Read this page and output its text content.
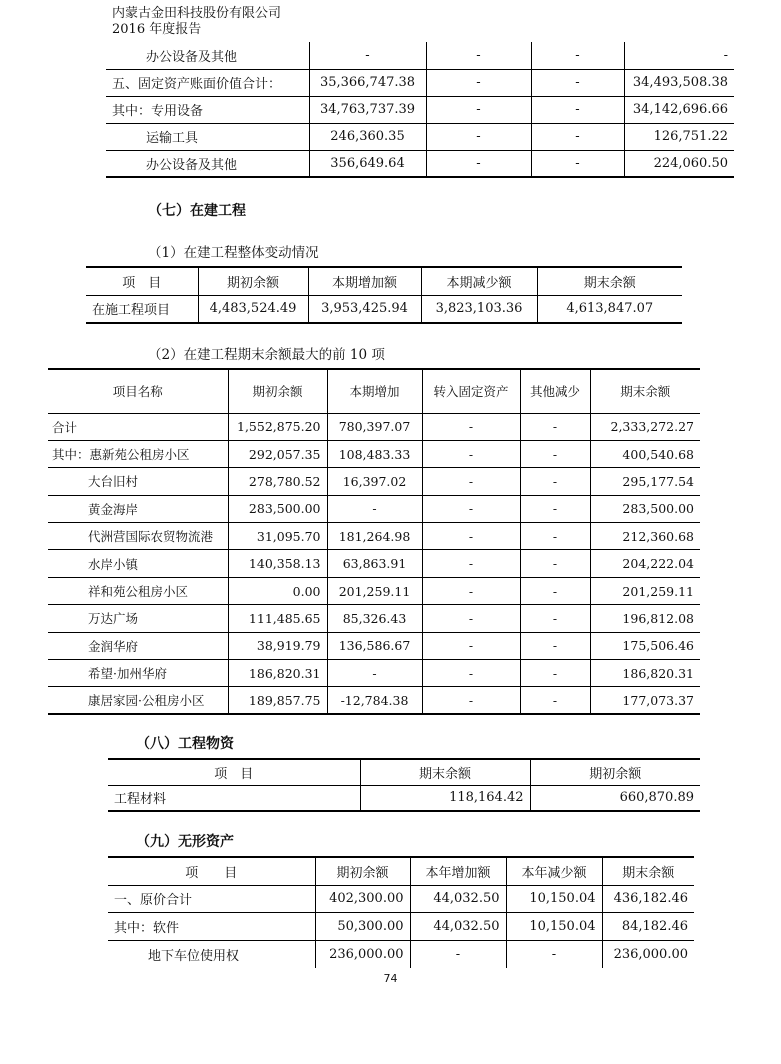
内蒙古金田科技股份有限公司
2016 年度报告
办公设备及其他	-	-	-	-
五、固定资产账面价值合计：	35,366,747.38	-	-	34,493,508.38
其中：专用设备	34,763,737.39	-	-	34,142,696.66
运输工具	246,360.35	-	-	126,751.22
办公设备及其他	356,649.64	-	-	224,060.50
（七）在建工程
（1）在建工程整体变动情况
项　目	期初余额	本期增加额	本期减少额	期末余额
在施工程项目	4,483,524.49	3,953,425.94	3,823,103.36	4,613,847.07
（2）在建工程期末余额最大的前 10 项
项目名称	期初余额	本期增加	转入固定资产	其他减少	期末余额
合计	1,552,875.20	780,397.07	-	-	2,333,272.27
其中：惠新苑公租房小区	292,057.35	108,483.33	-	-	400,540.68
大台旧村	278,780.52	16,397.02	-	-	295,177.54
黄金海岸	283,500.00	-	-	-	283,500.00
代洲营国际农贸物流港	31,095.70	181,264.98	-	-	212,360.68
水岸小镇	140,358.13	63,863.91	-	-	204,222.04
祥和苑公租房小区	0.00	201,259.11	-	-	201,259.11
万达广场	111,485.65	85,326.43	-	-	196,812.08
金润华府	38,919.79	136,586.67	-	-	175,506.46
希望·加州华府	186,820.31	-	-	-	186,820.31
康居家园·公租房小区	189,857.75	-12,784.38	-	-	177,073.37
（八）工程物资
项　目	期末余额	期初余额
工程材料	118,164.42	660,870.89
（九）无形资产
项　　目	期初余额	本年增加额	本年减少额	期末余额
一、原价合计	402,300.00	44,032.50	10,150.04	436,182.46
其中：软件	50,300.00	44,032.50	10,150.04	84,182.46
地下车位使用权	236,000.00	-	-	236,000.00
74
